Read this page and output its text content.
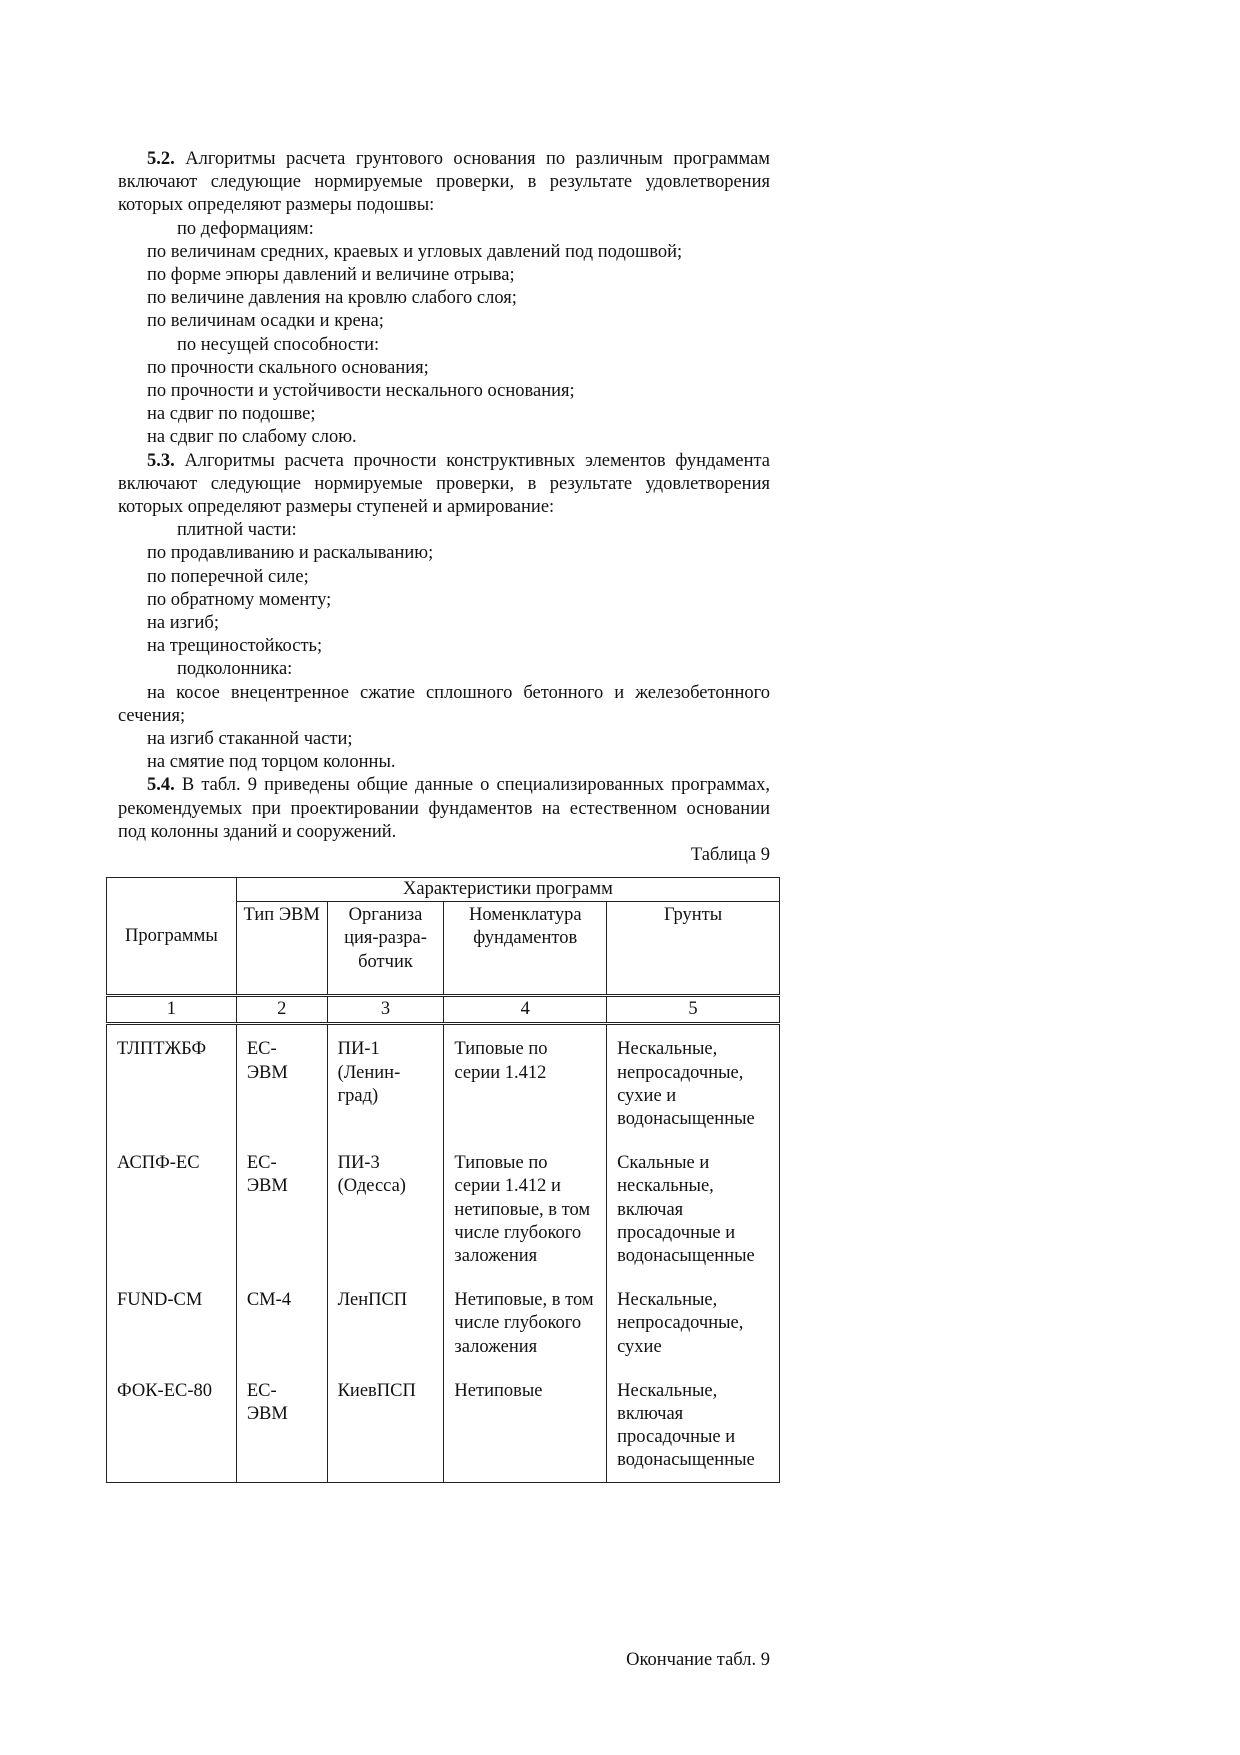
5.2. Алгоритмы расчета грунтового основания по различным программам включают следующие нормируемые проверки, в результате удовлетворения которых определяют размеры подошвы:

по деформациям:

по величинам средних, краевых и угловых давлений под подошвой;

по форме эпюры давлений и величине отрыва;

по величине давления на кровлю слабого слоя;

по величинам осадки и крена;

по несущей способности:

по прочности скального основания;

по прочности и устойчивости нескального основания;

на сдвиг по подошве;

на сдвиг по слабому слою.

5.3. Алгоритмы расчета прочности конструктивных элементов фундамента включают следующие нормируемые проверки, в результате удовлетворения которых определяют размеры ступеней и армирование:

плитной части:

по продавливанию и раскалыванию;

по поперечной силе;

по обратному моменту;

на изгиб;

на трещиностойкость;

подколонника:

на косое внецентренное сжатие сплошного бетонного и железобетонного сечения;

на изгиб стаканной части;

на смятие под торцом колонны.

5.4. В табл. 9 приведены общие данные о специализированных программах, рекомендуемых при проектировании фундаментов на естественном основании под колонны зданий и сооружений.

Таблица 9

Программы	Характеристики программ			
	Тип ЭВМ	Организа ция-разра-ботчик	Номенклатура фундаментов	Грунты
1	2	3	4	5
ТЛПТЖБФ	ЕС-ЭВМ	ПИ-1 (Ленин-град)	Типовые по серии 1.412	Нескальные, непросадочные, сухие и водонасыщенные
АСПФ-ЕС	ЕС-ЭВМ	ПИ-3 (Одесса)	Типовые по серии 1.412 и нетиповые, в том числе глубокого заложения	Скальные и нескальные, включая просадочные и водонасыщенные
FUND-CM	СМ-4	ЛенПСП	Нетиповые, в том числе глубокого заложения	Нескальные, непросадочные, сухие
ФОК-ЕС-80	ЕС-ЭВМ	КиевПСП	Нетиповые	Нескальные, включая просадочные и водонасыщенные
Окончание табл. 9
